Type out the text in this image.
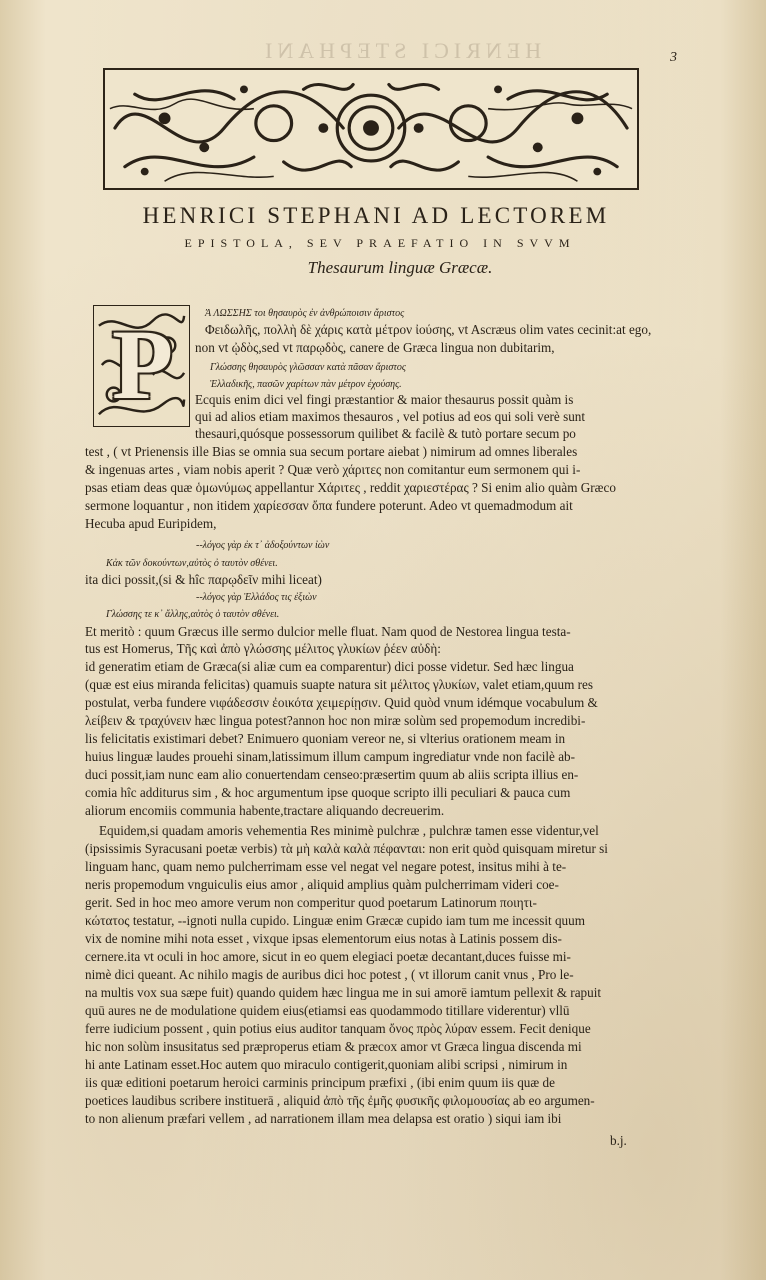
HENRICI STEPHANI	3
HENRICI STEPHANI AD LECTOREM
EPISTOLA, SEV PRAEFATIO IN SVVM
Thesaurum linguæ Græcæ.
P	Ἀ ΛΩΣΣΗΣ τοι θησαυρὸς ἐν ἀνθρώποισιν ἄριστος
Φειδωλῆς, πολλὴ δὲ χάρις κατὰ μέτρον ἰούσης, vt Ascræus olim vates cecinit:at ego,
non vt ᾠδὸς,sed vt παρῳδὸς, canere de Græca lingua non dubitarim,
Γλώσσης θησαυρὸς γλῶσσαν κατὰ πᾶσαν ἄριστος
Ἑλλαδικῆς, πασῶν χαρίτων πὰν μέτρον ἐχούσης.
Ecquis enim dici vel fingi præstantior & maior thesaurus possit quàm is
qui ad alios etiam maximos thesauros , vel potius ad eos qui soli verè sunt
thesauri,quósque possessorum quilibet & facilè & tutò portare secum po
test , ( vt Prienensis ille Bias se omnia sua secum portare aiebat ) nimirum ad omnes liberales
& ingenuas artes , viam nobis aperit ? Quæ verò χάριτες non comitantur eum sermonem qui i-
psas etiam deas quæ ὁμωνύμως appellantur Χάριτες , reddit χαριεστέρας ? Si enim alio quàm Græco
sermone loquantur , non itidem χαρίεσσαν ὄπα fundere poterunt. Adeo vt quemadmodum ait
Hecuba apud Euripidem,
--λόγος γὰρ ἐκ τ᾽ ἀδοξούντων ἰὼν
Κἀκ τῶν δοκούντων,αὐτὸς ὀ ταυτὸν σθένει.
ita dici possit,(si & hîc παρῳδεῖν mihi liceat)
--λόγος γὰρ Ἑλλάδος τις ἐξιὼν
Γλώσσης τε κ᾽ ἄλλης,αὐτὸς ὀ ταυτὸν σθένει.
Et meritò : quum Græcus ille sermo dulcior melle fluat. Nam quod de Nestorea lingua testa-
tus est Homerus, Τῆς καὶ ἀπὸ γλώσσης μέλιτος γλυκίων ῥέεν αὐδὴ:
id generatim etiam de Græca(si aliæ cum ea comparentur) dici posse videtur. Sed hæc lingua
(quæ est eius miranda felicitas) quamuis suapte natura sit μέλιτος γλυκίων, valet etiam,quum res
postulat, verba fundere νιφάδεσσιν ἐοικότα χειμερίῃσιν. Quid quòd vnum idémque vocabulum &
λείβειν & τραχύνειν hæc lingua potest?annon hoc non miræ solùm sed propemodum incredibi-
lis felicitatis existimari debet? Enimuero quoniam vereor ne, si vlterius orationem meam in
huius linguæ laudes prouehi sinam,latissimum illum campum ingrediatur vnde non facilè ab-
duci possit,iam nunc eam alio conuertendam censeo:præsertim quum ab aliis scripta illius en-
comia hîc additurus sim , & hoc argumentum ipse quoque scripto illi peculiari & pauca cum
aliorum encomiis communia habente,tractare aliquando decreuerim.
Equidem,si quadam amoris vehementia Res minimè pulchræ , pulchræ tamen esse videntur,vel
(ipsissimis Syracusani poetæ verbis) τὰ μὴ καλὰ καλὰ πέφανται: non erit quòd quisquam miretur si
linguam hanc, quam nemo pulcherrimam esse vel negat vel negare potest, insitus mihi à te-
neris propemodum vnguiculis eius amor , aliquid amplius quàm pulcherrimam videri coe-
gerit. Sed in hoc meo amore verum non comperitur quod poetarum Latinorum ποιητι-
κώτατος testatur, --ignoti nulla cupido. Linguæ enim Græcæ cupido iam tum me incessit quum
vix de nomine mihi nota esset , vixque ipsas elementorum eius notas à Latinis possem dis-
cernere.ita vt oculi in hoc amore, sicut in eo quem elegiaci poetæ decantant,duces fuisse mi-
nimè dici queant. Ac nihilo magis de auribus dici hoc potest , ( vt illorum canit vnus , Pro le-
na multis vox sua sæpe fuit) quando quidem hæc lingua me in sui amorē iamtum pellexit & rapuit
quū aures ne de modulatione quidem eius(etiamsi eas quodammodo titillare viderentur) vllū
ferre iudicium possent , quin potius eius auditor tanquam ὄνος πρὸς λύραν essem. Fecit denique
hic non solùm insusitatus sed præproperus etiam & præcox amor vt Græca lingua discenda mi
hi ante Latinam esset.Hoc autem quo miraculo contigerit,quoniam alibi scripsi , nimirum in
iis quæ editioni poetarum heroici carminis principum præfixi , (ibi enim quum iis quæ de
poetices laudibus scribere instituerā , aliquid ἀπὸ τῆς ἐμῆς φυσικῆς φιλομουσίας ab eo argumen-
to non alienum præfari vellem , ad narrationem illam mea delapsa est oratio ) siqui iam ibi
b.j.
